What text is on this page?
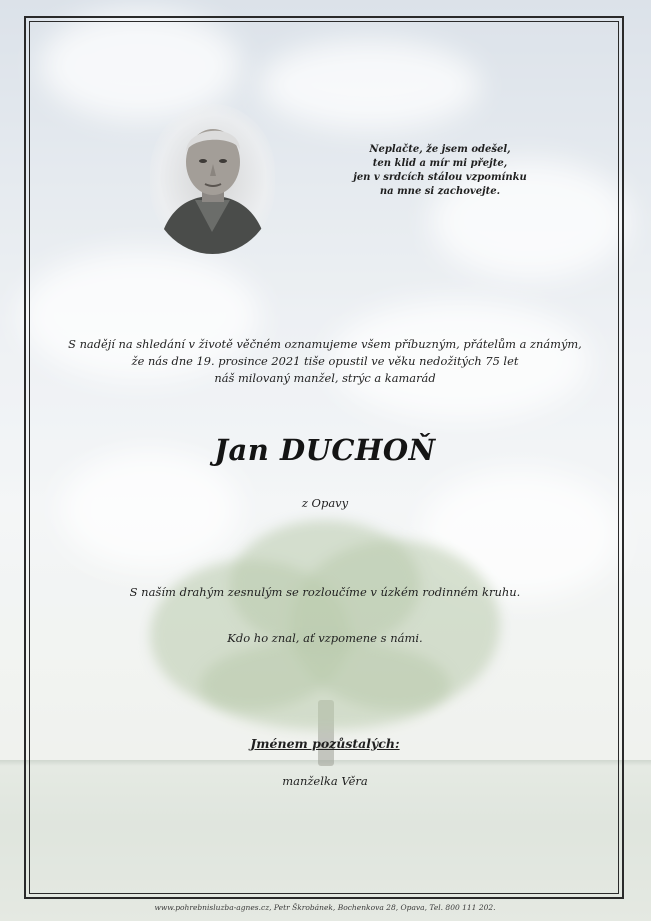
Neplačte, že jsem odešel,
ten klid a mír mi přejte,
jen v srdcích stálou vzpomínku
na mne si zachovejte.
S nadějí na shledání v životě věčném oznamujeme všem příbuzným, přátelům a známým,
že nás dne 19. prosince 2021 tiše opustil ve věku nedožitých 75 let
náš milovaný manžel, strýc a kamarád
Jan DUCHOŇ
z Opavy
S naším drahým zesnulým se rozloučíme v úzkém rodinném kruhu.
Kdo ho znal, ať vzpomene s námi.
Jménem pozůstalých:
manželka Věra
www.pohrebnisluzba-agnes.cz, Petr Škrobánek, Bochenkova 28, Opava, Tel. 800 111 202.
